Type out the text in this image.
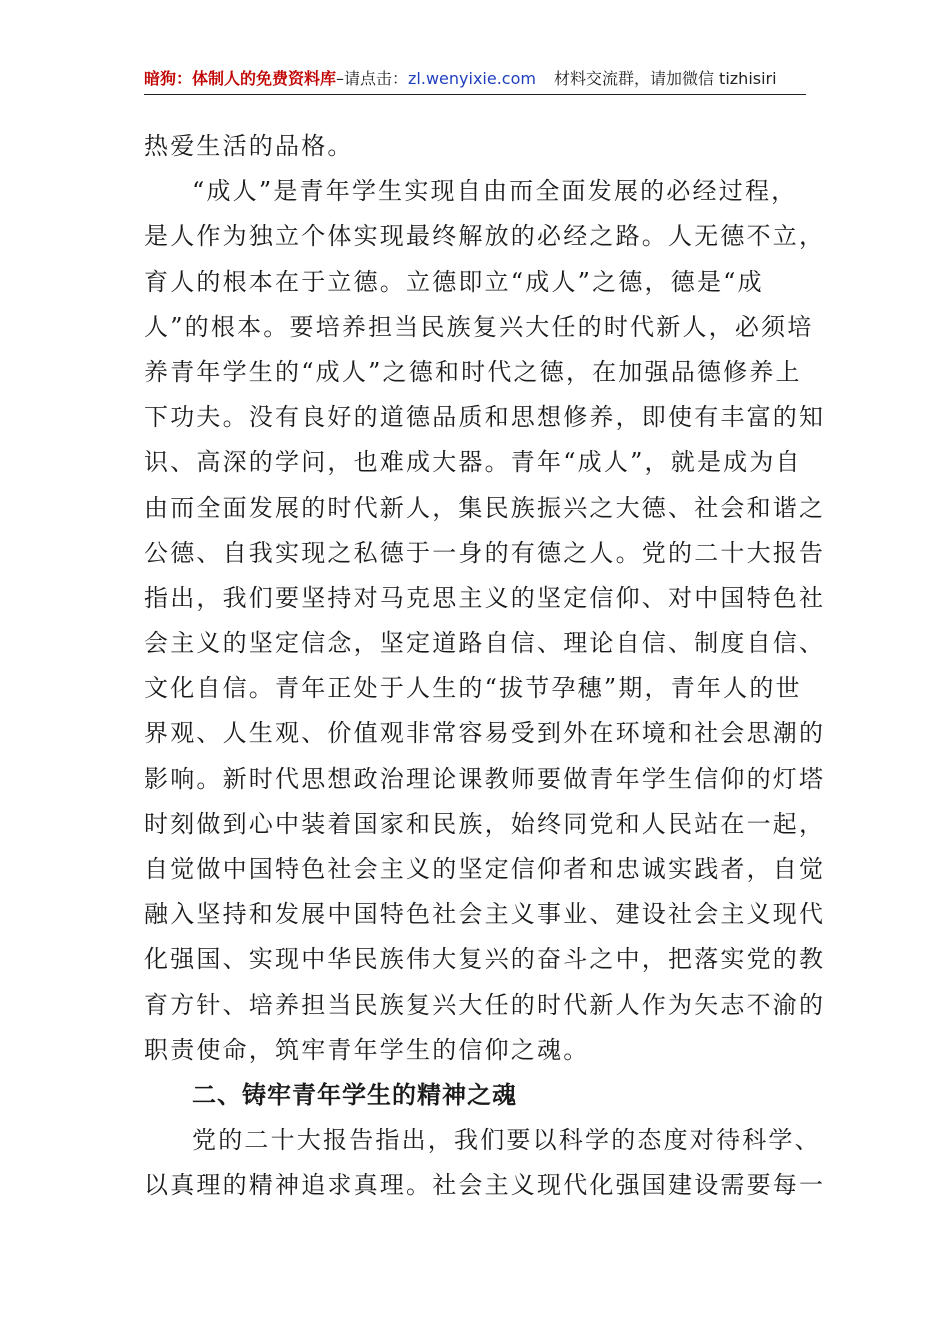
暗狗：体制人的免费资料库–请点击：zl.wenyixie.com 材料交流群，请加微信 tizhisiri
热爱生活的品格。
“成人”是青年学生实现自由而全面发展的必经过程，
是人作为独立个体实现最终解放的必经之路。人无德不立，
育人的根本在于立德。立德即立“成人”之德，德是“成
人”的根本。要培养担当民族复兴大任的时代新人，必须培
养青年学生的“成人”之德和时代之德，在加强品德修养上
下功夫。没有良好的道德品质和思想修养，即使有丰富的知
识、高深的学问，也难成大器。青年“成人”，就是成为自
由而全面发展的时代新人，集民族振兴之大德、社会和谐之
公德、自我实现之私德于一身的有德之人。党的二十大报告
指出，我们要坚持对马克思主义的坚定信仰、对中国特色社
会主义的坚定信念，坚定道路自信、理论自信、制度自信、
文化自信。青年正处于人生的“拔节孕穗”期，青年人的世
界观、人生观、价值观非常容易受到外在环境和社会思潮的
影响。新时代思想政治理论课教师要做青年学生信仰的灯塔
时刻做到心中装着国家和民族，始终同党和人民站在一起，
自觉做中国特色社会主义的坚定信仰者和忠诚实践者，自觉
融入坚持和发展中国特色社会主义事业、建设社会主义现代
化强国、实现中华民族伟大复兴的奋斗之中，把落实党的教
育方针、培养担当民族复兴大任的时代新人作为矢志不渝的
职责使命，筑牢青年学生的信仰之魂。
二、铸牢青年学生的精神之魂
党的二十大报告指出，我们要以科学的态度对待科学、
以真理的精神追求真理。社会主义现代化强国建设需要每一
